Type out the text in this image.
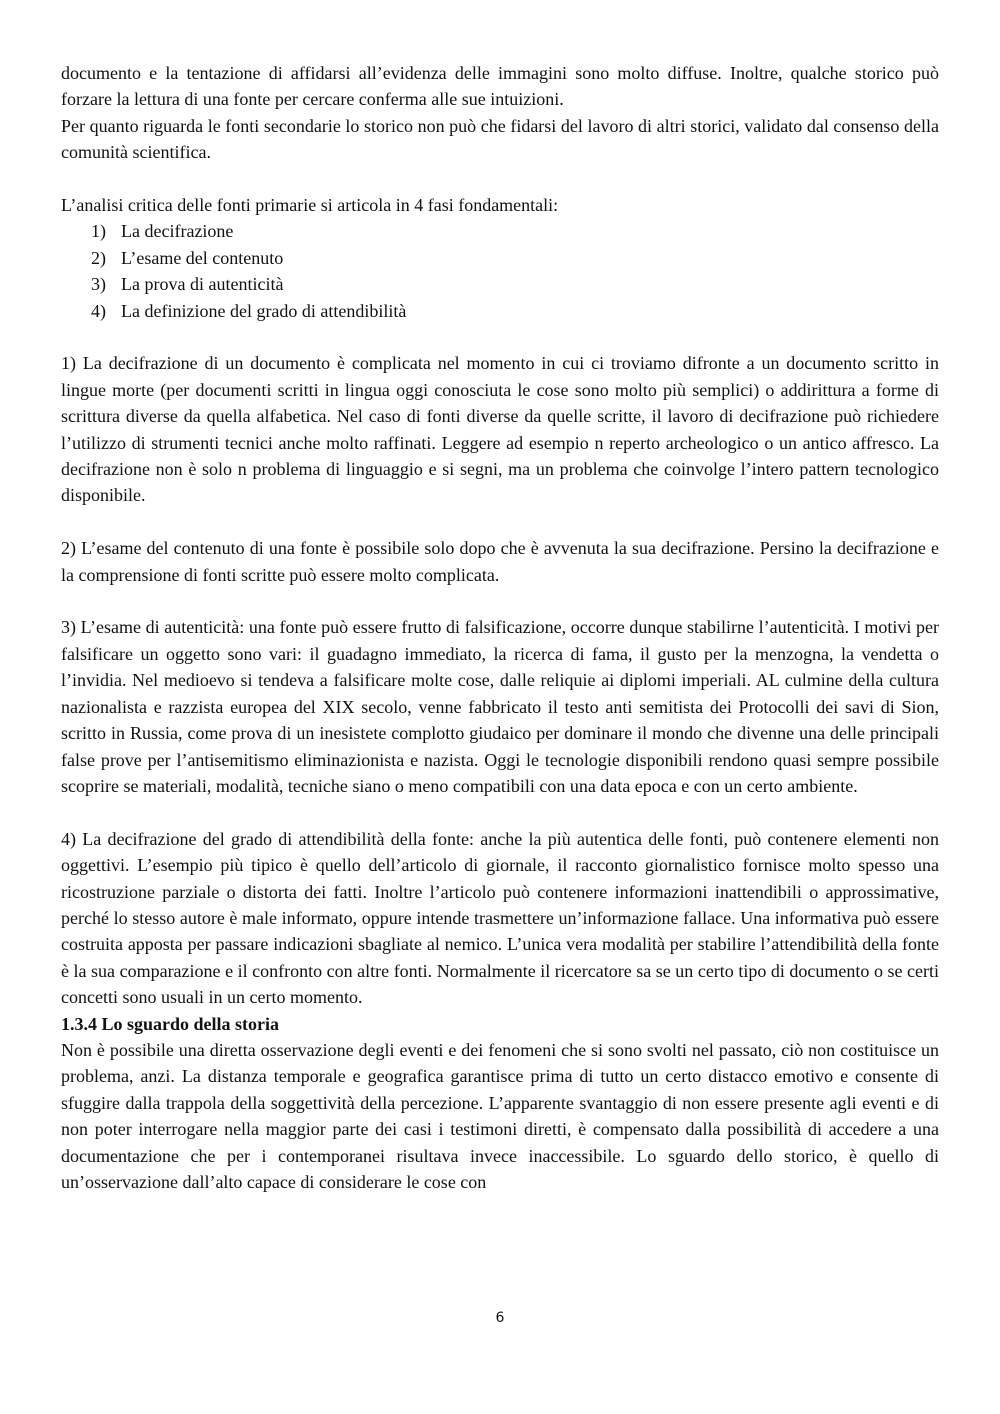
documento e la tentazione di affidarsi all’evidenza delle immagini sono molto diffuse. Inoltre, qualche storico può forzare la lettura di una fonte per cercare conferma alle sue intuizioni.

Per quanto riguarda le fonti secondarie lo storico non può che fidarsi del lavoro di altri storici, validato dal consenso della comunità scientifica.

L’analisi critica delle fonti primarie si articola in 4 fasi fondamentali:

1) La decifrazione
2) L’esame del contenuto
3) La prova di autenticità
4) La definizione del grado di attendibilità

1) La decifrazione di un documento è complicata nel momento in cui ci troviamo difronte a un documento scritto in lingue morte (per documenti scritti in lingua oggi conosciuta le cose sono molto più semplici) o addirittura a forme di scrittura diverse da quella alfabetica. Nel caso di fonti diverse da quelle scritte, il lavoro di decifrazione può richiedere l’utilizzo di strumenti tecnici anche molto raffinati. Leggere ad esempio n reperto archeologico o un antico affresco. La decifrazione non è solo n problema di linguaggio e si segni, ma un problema che coinvolge l’intero pattern tecnologico disponibile.

2) L’esame del contenuto di una fonte è possibile solo dopo che è avvenuta la sua decifrazione. Persino la decifrazione e la comprensione di fonti scritte può essere molto complicata.

3) L’esame di autenticità: una fonte può essere frutto di falsificazione, occorre dunque stabilirne l’autenticità. I motivi per falsificare un oggetto sono vari: il guadagno immediato, la ricerca di fama, il gusto per la menzogna, la vendetta o l’invidia. Nel medioevo si tendeva a falsificare molte cose, dalle reliquie ai diplomi imperiali. AL culmine della cultura nazionalista e razzista europea del XIX secolo, venne fabbricato il testo anti semitista dei Protocolli dei savi di Sion, scritto in Russia, come prova di un inesistete complotto giudaico per dominare il mondo che divenne una delle principali false prove per l’antisemitismo eliminazionista e nazista. Oggi le tecnologie disponibili rendono quasi sempre possibile scoprire se materiali, modalità, tecniche siano o meno compatibili con una data epoca e con un certo ambiente.

4) La decifrazione del grado di attendibilità della fonte: anche la più autentica delle fonti, può contenere elementi non oggettivi. L’esempio più tipico è quello dell’articolo di giornale, il racconto giornalistico fornisce molto spesso una ricostruzione parziale o distorta dei fatti. Inoltre l’articolo può contenere informazioni inattendibili o approssimative, perché lo stesso autore è male informato, oppure intende trasmettere un’informazione fallace. Una informativa può essere costruita apposta per passare indicazioni sbagliate al nemico. L’unica vera modalità per stabilire l’attendibilità della fonte è la sua comparazione e il confronto con altre fonti. Normalmente il ricercatore sa se un certo tipo di documento o se certi concetti sono usuali in un certo momento.

1.3.4 Lo sguardo della storia

Non è possibile una diretta osservazione degli eventi e dei fenomeni che si sono svolti nel passato, ciò non costituisce un problema, anzi. La distanza temporale e geografica garantisce prima di tutto un certo distacco emotivo e consente di sfuggire dalla trappola della soggettività della percezione. L’apparente svantaggio di non essere presente agli eventi e di non poter interrogare nella maggior parte dei casi i testimoni diretti, è compensato dalla possibilità di accedere a una documentazione che per i contemporanei risultava invece inaccessibile. Lo sguardo dello storico, è quello di un’osservazione dall’alto capace di considerare le cose con

6
